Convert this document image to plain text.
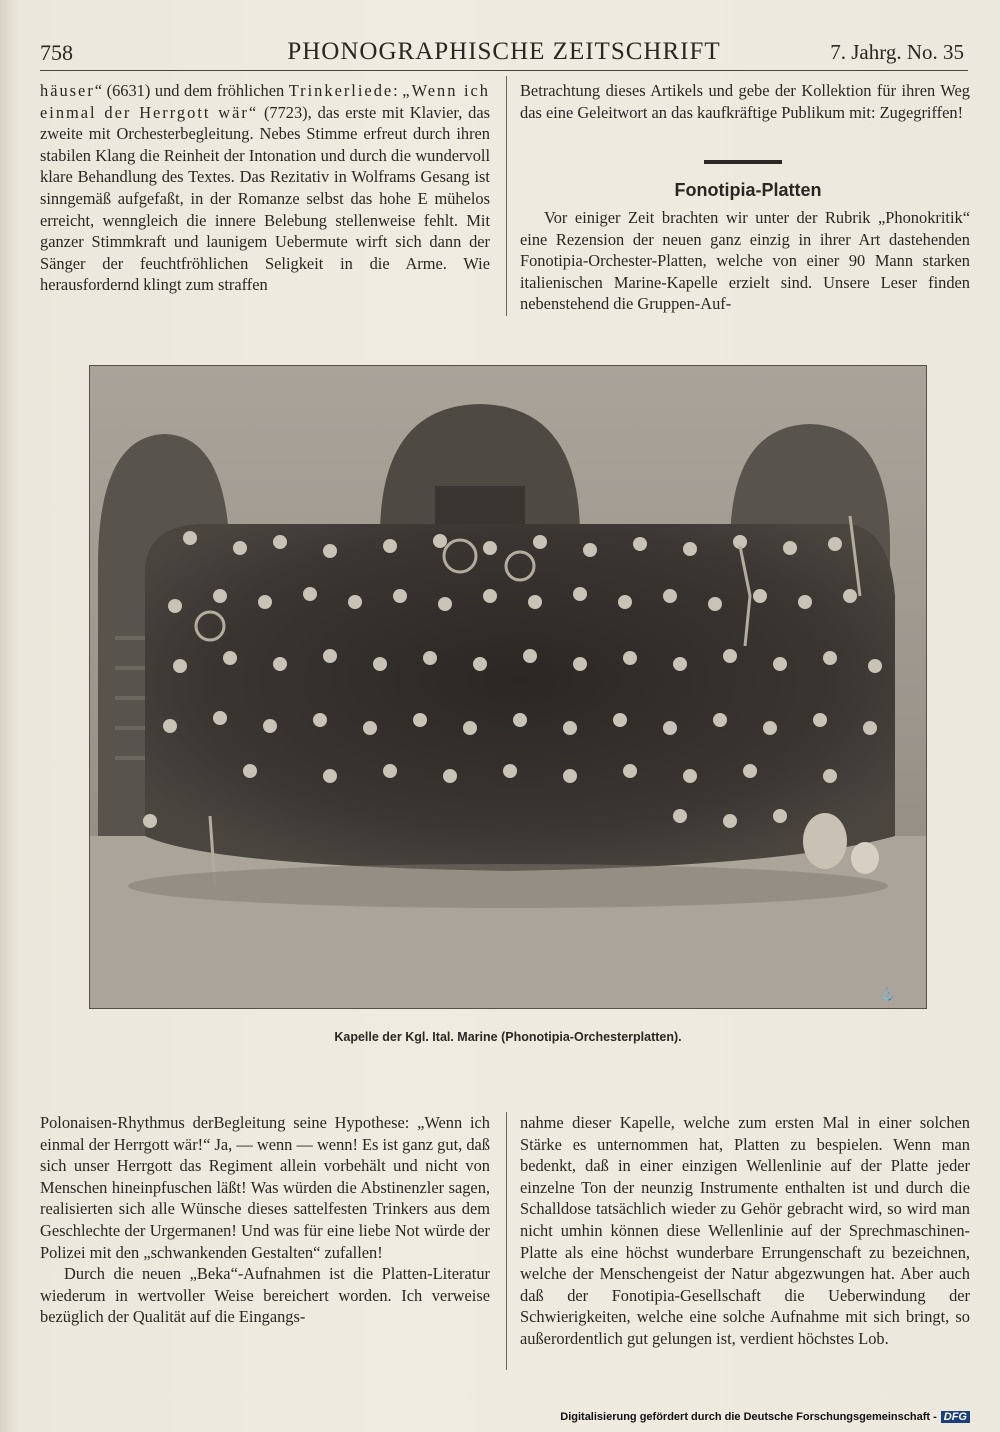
758	PHONOGRAPHISCHE ZEITSCHRIFT	7. Jahrg. No. 35

häuser“ (6631) und dem fröhlichen Trinkerliede: „Wenn ich einmal der Herrgott wär“ (7723), das erste mit Klavier, das zweite mit Orchesterbegleitung. Nebes Stimme erfreut durch ihren stabilen Klang die Reinheit der Intonation und durch die wundervoll klare Behandlung des Textes. Das Rezitativ in Wolframs Gesang ist sinngemäß aufgefaßt, in der Romanze selbst das hohe E mühelos erreicht, wenngleich die innere Belebung stellenweise fehlt. Mit ganzer Stimmkraft und launigem Uebermute wirft sich dann der Sänger der feuchtfröhlichen Seligkeit in die Arme. Wie herausfordernd klingt zum straffen

Betrachtung dieses Artikels und gebe der Kollektion für ihren Weg das eine Geleitwort an das kaufkräftige Publikum mit: Zugegriffen!

Fonotipia-Platten

Vor einiger Zeit brachten wir unter der Rubrik „Phonokritik“ eine Rezension der neuen ganz einzig in ihrer Art dastehenden Fonotipia-Orchester-Platten, welche von einer 90 Mann starken italienischen Marine-Kapelle erzielt sind. Unsere Leser finden nebenstehend die Gruppen-Auf-

⚓
Kapelle der Kgl. Ital. Marine (Phonotipia-Orchesterplatten).

Polonaisen-Rhythmus derBegleitung seine Hypothese: „Wenn ich einmal der Herrgott wär!“ Ja, — wenn — wenn! Es ist ganz gut, daß sich unser Herrgott das Regiment allein vorbehält und nicht von Menschen hineinpfuschen läßt! Was würden die Abstinenzler sagen, realisierten sich alle Wünsche dieses sattelfesten Trinkers aus dem Geschlechte der Urgermanen! Und was für eine liebe Not würde der Polizei mit den „schwankenden Gestalten“ zufallen!

Durch die neuen „Beka“-Aufnahmen ist die Platten-Literatur wiederum in wertvoller Weise bereichert worden. Ich verweise bezüglich der Qualität auf die Eingangs-

nahme dieser Kapelle, welche zum ersten Mal in einer solchen Stärke es unternommen hat, Platten zu bespielen. Wenn man bedenkt, daß in einer einzigen Wellenlinie auf der Platte jeder einzelne Ton der neunzig Instrumente enthalten ist und durch die Schalldose tatsächlich wieder zu Gehör gebracht wird, so wird man nicht umhin können diese Wellenlinie auf der Sprechmaschinen-Platte als eine höchst wunderbare Errungenschaft zu bezeichnen, welche der Menschengeist der Natur abgezwungen hat. Aber auch daß der Fonotipia-Gesellschaft die Ueberwindung der Schwierigkeiten, welche eine solche Aufnahme mit sich bringt, so außerordentlich gut gelungen ist, verdient höchstes Lob.

Digitalisierung gefördert durch die Deutsche Forschungsgemeinschaft - DFG
